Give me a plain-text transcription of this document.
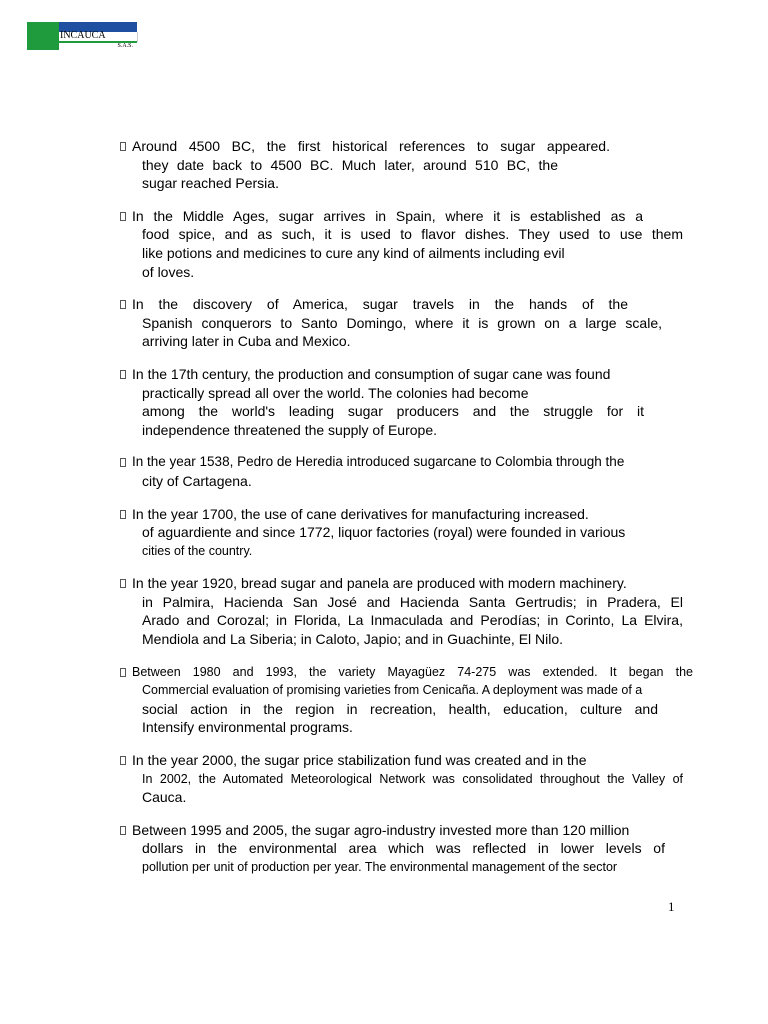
INCAUCA
S.A.S.
Around 4500 BC, the first historical references to sugar appeared.
they date back to 4500 BC. Much later, around 510 BC, the
sugar reached Persia.
In the Middle Ages, sugar arrives in Spain, where it is established as a
food spice, and as such, it is used to flavor dishes. They used to use them
like potions and medicines to cure any kind of ailments including evil
of loves.
In the discovery of America, sugar travels in the hands of the
Spanish conquerors to Santo Domingo, where it is grown on a large scale,
arriving later in Cuba and Mexico.
In the 17th century, the production and consumption of sugar cane was found
practically spread all over the world. The colonies had become
among the world's leading sugar producers and the struggle for it
independence threatened the supply of Europe.
In the year 1538, Pedro de Heredia introduced sugarcane to Colombia through the
city of Cartagena.
In the year 1700, the use of cane derivatives for manufacturing increased.
of aguardiente and since 1772, liquor factories (royal) were founded in various
cities of the country.
In the year 1920, bread sugar and panela are produced with modern machinery.
in Palmira, Hacienda San José and Hacienda Santa Gertrudis; in Pradera, El
Arado and Corozal; in Florida, La Inmaculada and Perodías; in Corinto, La Elvira,
Mendiola and La Siberia; in Caloto, Japio; and in Guachinte, El Nilo.
Between 1980 and 1993, the variety Mayagüez 74-275 was extended. It began the
Commercial evaluation of promising varieties from Cenicaña. A deployment was made of a
social action in the region in recreation, health, education, culture and
Intensify environmental programs.
In the year 2000, the sugar price stabilization fund was created and in the
In 2002, the Automated Meteorological Network was consolidated throughout the Valley of
Cauca.
Between 1995 and 2005, the sugar agro-industry invested more than 120 million
dollars in the environmental area which was reflected in lower levels of
pollution per unit of production per year. The environmental management of the sector
1
